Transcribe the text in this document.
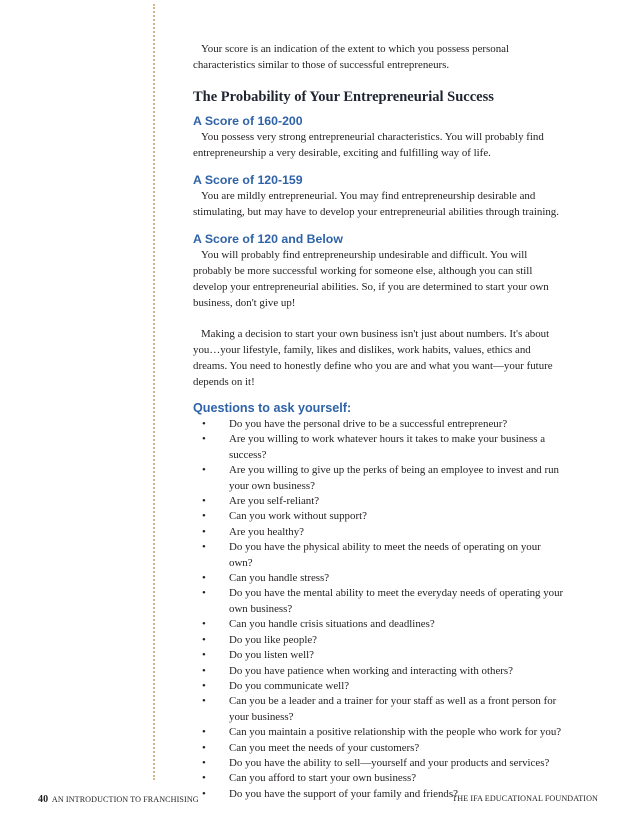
Your score is an indication of the extent to which you possess personal characteristics similar to those of successful entrepreneurs.

The Probability of Your Entrepreneurial Success
A Score of 160-200

You possess very strong entrepreneurial characteristics. You will probably find entrepreneurship a very desirable, exciting and fulfilling way of life.

A Score of 120-159

You are mildly entrepreneurial. You may find entrepreneurship desirable and stimulating, but may have to develop your entrepreneurial abilities through training.

A Score of 120 and Below

You will probably find entrepreneurship undesirable and difficult. You will probably be more successful working for someone else, although you can still develop your entrepreneurial abilities. So, if you are determined to start your own business, don't give up!

Making a decision to start your own business isn't just about numbers. It's about you…your lifestyle, family, likes and dislikes, work habits, values, ethics and dreams. You need to honestly define who you are and what you want—your future depends on it!

Questions to ask yourself:
• Do you have the personal drive to be a successful entrepreneur?
• Are you willing to work whatever hours it takes to make your business a success?
• Are you willing to give up the perks of being an employee to invest and run your own business?
• Are you self-reliant?
• Can you work without support?
• Are you healthy?
• Do you have the physical ability to meet the needs of operating on your own?
• Can you handle stress?
• Do you have the mental ability to meet the everyday needs of operating your own business?
• Can you handle crisis situations and deadlines?
• Do you like people?
• Do you listen well?
• Do you have patience when working and interacting with others?
• Do you communicate well?
• Can you be a leader and a trainer for your staff as well as a front person for your business?
• Can you maintain a positive relationship with the people who work for you?
• Can you meet the needs of your customers?
• Do you have the ability to sell—yourself and your products and services?
• Can you afford to start your own business?
• Do you have the support of your family and friends?
40 AN INTRODUCTION TO FRANCHISING	THE IFA EDUCATIONAL FOUNDATION
